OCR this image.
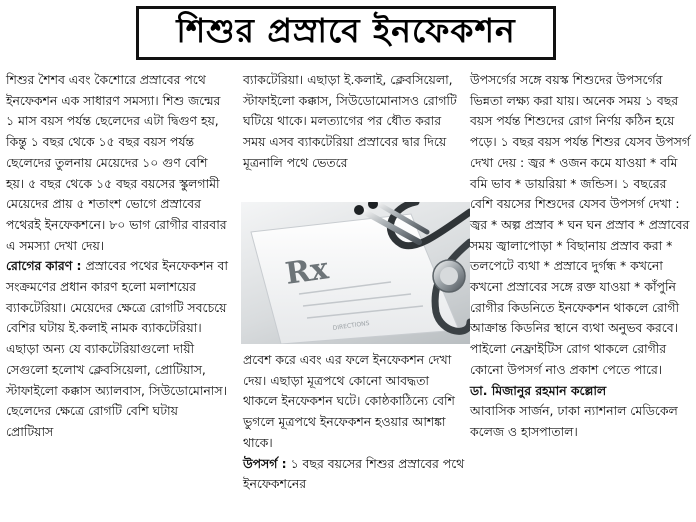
শিশুর প্রস্রাবে ইনফেকশন

শিশুর শৈশব এবং কৈশোরে প্রস্রাবের পথে ইনফেকশন এক সাধারণ সমস্যা। শিশু জন্মের ১ মাস বয়স পর্যন্ত ছেলেদের এটা দ্বিগুণ হয়, কিন্তু ১ বছর থেকে ১৫ বছর বয়স পর্যন্ত ছেলেদের তুলনায় মেয়েদের ১০ গুণ বেশি হয়। ৫ বছর থেকে ১৫ বছর বয়সের স্কুলগামী মেয়েদের প্রায় ৫ শতাংশ ভোগে প্রস্রাবের পথেরই ইনফেকশনে। ৮০ ভাগ রোগীর বারবার এ সমস্যা দেখা দেয়।

রোগের কারণ : প্রস্রাবের পথের ইনফেকশন বা সংক্রমণের প্রধান কারণ হলো মলাশয়ের ব্যাকটেরিয়া। মেয়েদের ক্ষেত্রে রোগটি সবচেয়ে বেশির ঘটায় ই.কলাই নামক ব্যাকটেরিয়া। এছাড়া অন্য যে ব্যাকটেরিয়াগুলো দায়ী সেগুলো হলোখ ক্লেবসিয়েলা, প্রোটিয়াস, স্টাফাইলো কক্কাস অ্যালবাস, সিউডোমোনাস। ছেলেদের ক্ষেত্রে রোগটি বেশি ঘটায় প্রোটিয়াস

ব্যাকটেরিয়া। এছাড়া ই.কলাই, ক্লেবসিয়েলা, স্টাফাইলো কক্কাস, সিউডোমোনাসও রোগটি ঘটিয়ে থাকে। মলত্যাগের পর ধৌত করার সময় এসব ব্যাকটেরিয়া প্রস্রাবের দ্বার দিয়ে মূত্রনালি পথে ভেতরে

Rx
DIRECTIONS

প্রবেশ করে এবং এর ফলে ইনফেকশন দেখা দেয়। এছাড়া মূত্রপথে কোনো আবদ্ধতা থাকলে ইনফেকশন ঘটে। কোষ্ঠকাঠিন্যে বেশি ভুগলে মূত্রপথে ইনফেকশন হওয়ার আশঙ্কা থাকে।

উপসর্গ : ১ বছর বয়সের শিশুর প্রস্রাবের পথে ইনফেকশনের

উপসর্গের সঙ্গে বয়স্ক শিশুদের উপসর্গের ভিন্নতা লক্ষ্য করা যায়। অনেক সময় ১ বছর বয়স পর্যন্ত শিশুদের রোগ নির্ণয় কঠিন হয়ে পড়ে। ১ বছর বয়স পর্যন্ত শিশুর যেসব উপসর্গ দেখা দেয় : জ্বর * ওজন কমে যাওয়া * বমি বমি ভাব * ডায়রিয়া * জন্ডিস। ১ বছরের বেশি বয়সের শিশুদের যেসব উপসর্গ দেখা : জ্বর * অল্প প্রস্রাব * ঘন ঘন প্রস্রাব * প্রস্রাবের সময় জ্বালাপোড়া * বিছানায় প্রস্রাব করা * তলপেটে ব্যথা * প্রস্রাবে দুর্গন্ধ * কখনো কখনো প্রস্রাবের সঙ্গে রক্ত যাওয়া * কাঁপুনি রোগীর কিডনিতে ইনফেকশন থাকলে রোগী আক্রান্ত কিডনির স্থানে ব্যথা অনুভব করবে। পাইলো নেফ্রাইটিস রোগ থাকলে রোগীর কোনো উপসর্গ নাও প্রকাশ পেতে পারে।

ডা. মিজানুর রহমান কল্লোল

আবাসিক সার্জন, ঢাকা ন্যাশনাল মেডিকেল কলেজ ও হাসপাতাল।
